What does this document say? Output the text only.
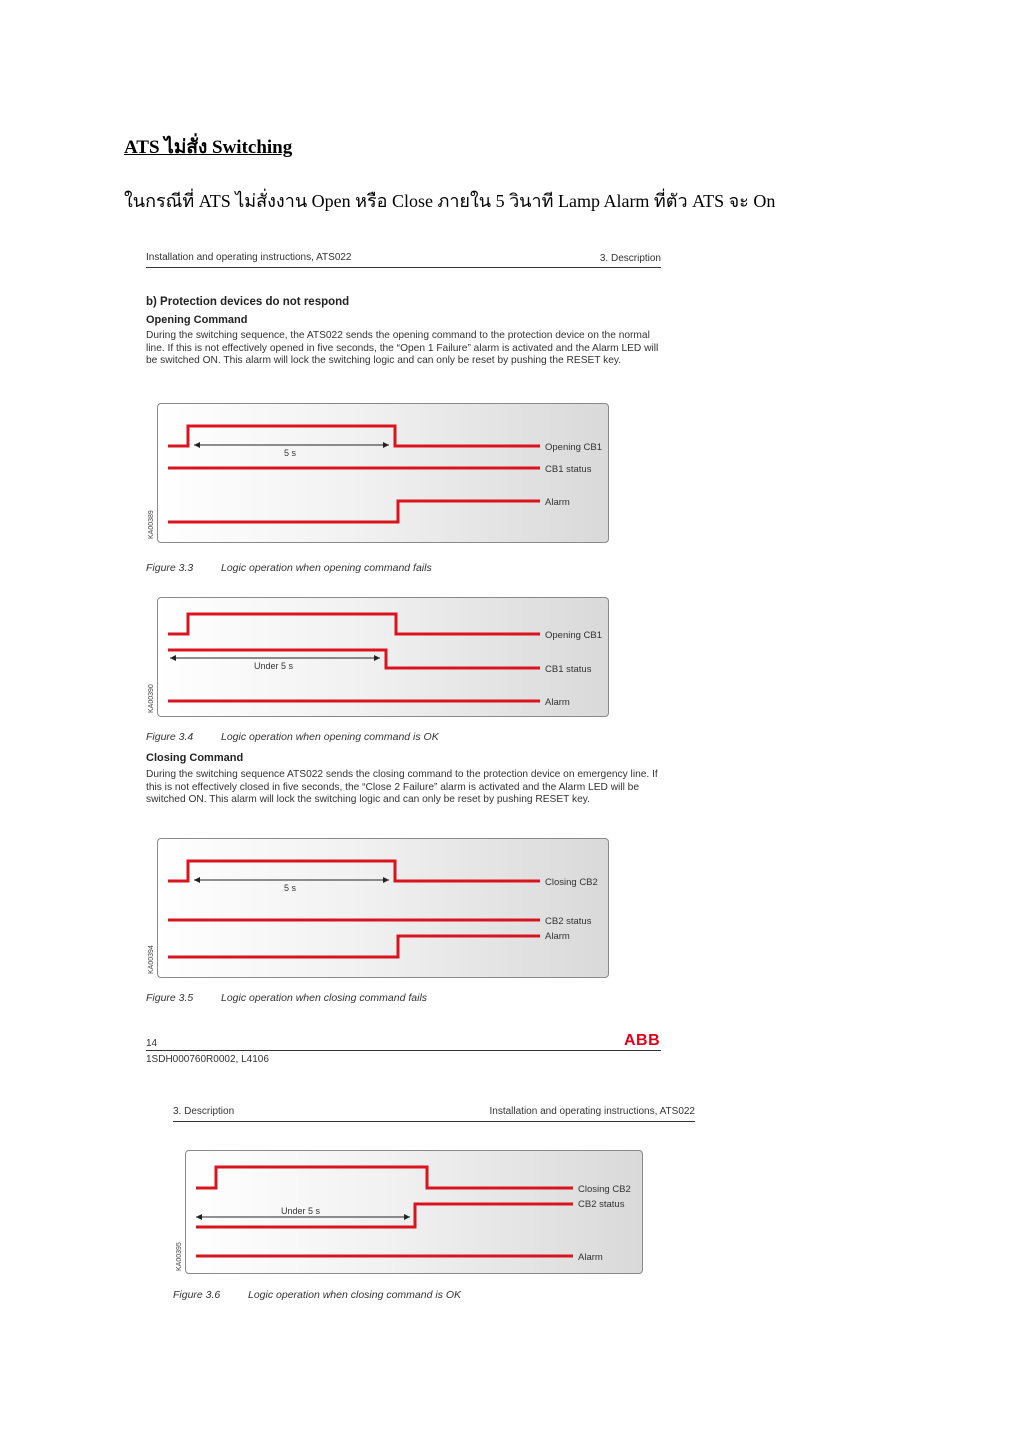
ATS ไม่สั่ง Switching
ในกรณีที่ ATS ไม่สั่งงาน Open หรือ Close ภายใน 5 วินาที Lamp Alarm ที่ตัว ATS จะ On
Installation and operating instructions, ATS022	3. Description
b) Protection devices do not respond
Opening Command
During the switching sequence, the ATS022 sends the opening command to the protection device on the normal line. If this is not effectively opened in five seconds, the “Open 1 Failure” alarm is activated and the Alarm LED will be switched ON. This alarm will lock the switching logic and can only be reset by pushing the RESET key.
5 s	Opening CB1
CB1 status
Alarm
KA00389
Figure 3.3	Logic operation when opening command fails
Under 5 s
Opening CB1
CB1 status
Alarm
KA00390
Figure 3.4	Logic operation when opening command is OK
Closing Command
During the switching sequence ATS022 sends the closing command to the protection device on emergency line. If this is not effectively closed in five seconds, the “Close 2 Failure” alarm is activated and the Alarm LED will be switched ON. This alarm will lock the switching logic and can only be reset by pushing RESET key.
5 s	Closing CB2
CB2 status
Alarm
KA00394
Figure 3.5	Logic operation when closing command fails
14	ABB
1SDH000760R0002, L4106
3. Description	Installation and operating instructions, ATS022
Under 5 s
Closing CB2
CB2 status
Alarm
KA00395
Figure 3.6	Logic operation when closing command is OK
